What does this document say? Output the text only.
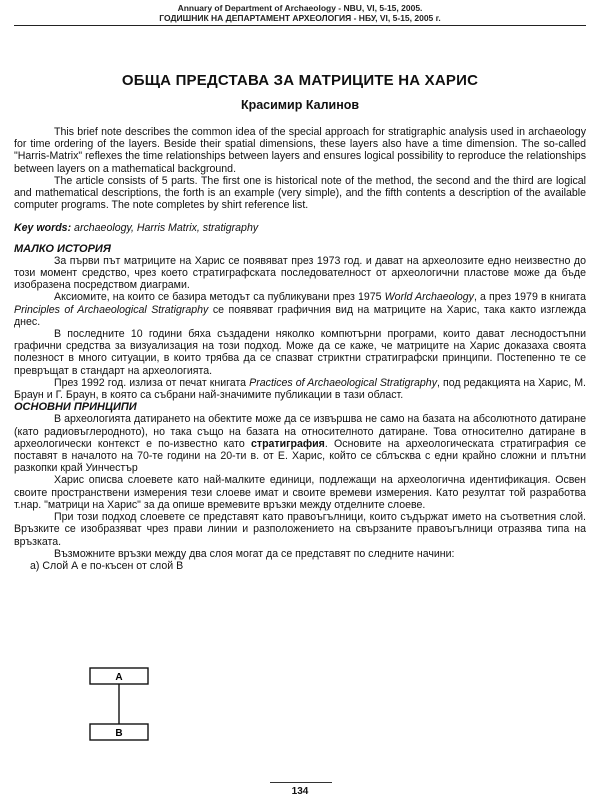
Annuary of Department of Archaeology - NBU, VI, 5-15, 2005.
ГОДИШНИК НА ДЕПАРТАМЕНТ АРХЕОЛОГИЯ - НБУ, VI, 5-15, 2005 г.
ОБЩА ПРЕДСТАВА ЗА МАТРИЦИТЕ НА ХАРИС
Красимир Калинов

This brief note describes the common idea of the special approach for stratigraphic analysis used in archaeology for time ordering of the layers. Beside their spatial dimensions, these layers also have a time dimension. The so-called "Harris-Matrix" reflexes the time relationships between layers and ensures logical possibility to reproduce the relationships between layers on a mathematical background.

The article consists of 5 parts. The first one is historical note of the method, the second and the third are logical and mathematical descriptions, the forth is an example (very simple), and the fifth contents a description of the available computer programs. The note completes by shirt reference list.

Key words: archaeology, Harris Matrix, stratigraphy

МАЛКО ИСТОРИЯ

За първи път матриците на Харис се появяват през 1973 год. и дават на археолозите едно неизвестно до този момент средство, чрез което стратиграфската последователност от археологични пластове може да бъде изобразена посредством диаграми.

Аксиомите, на които се базира методът са публикувани през 1975 World Archaeology, а през 1979 в книгата Principles of Archaeological Stratigraphy се появяват графичния вид на матриците на Харис, така както изглежда днес.

В последните 10 години бяха създадени няколко компютърни програми, които дават леснодостъпни графични средства за визуализация на този подход. Може да се каже, че матриците на Харис доказаха своята полезност в много ситуации, в които трябва да се спазват стриктни стратиграфски принципи. Постепенно те се превръщат в стандарт на археологията.

През 1992 год. излиза от печат книгата Practices of Archaeological Stratigraphy, под редакцията на Харис, М. Браун и Г. Браун, в която са събрани най-значимите публикации в тази област.

ОСНОВНИ ПРИНЦИПИ

В археологията датирането на обектите може да се извършва не само на базата на абсолютното датиране (като радиовъглеродното), но така също на базата на относителното датиране. Това относително датиране в археологически контекст е по-известно като стратиграфия. Основите на археологическата стратиграфия се поставят в началото на 70-те години на 20-ти в. от Е. Харис, който се сблъсква с едни крайно сложни и плътни разкопки край Уинчестър

Харис описва слоевете като най-малките единици, подлежащи на археологична идентификация. Освен своите пространствени измерения тези слоеве имат и своите времеви измерения. Като резултат той разработва т.нар. "матрици на Харис" за да опише времевите връзки между отделните слоеве.

При този подход слоевете се представят като правоъгълници, които съдържат името на съответния слой. Връзките се изобразяват чрез прави линии и разположението на свързаните правоъгълници отразява типа на връзката.

Възможните връзки между два слоя могат да се представят по следните начини:

а) Слой А е по-късен от слой В

A
B
134
